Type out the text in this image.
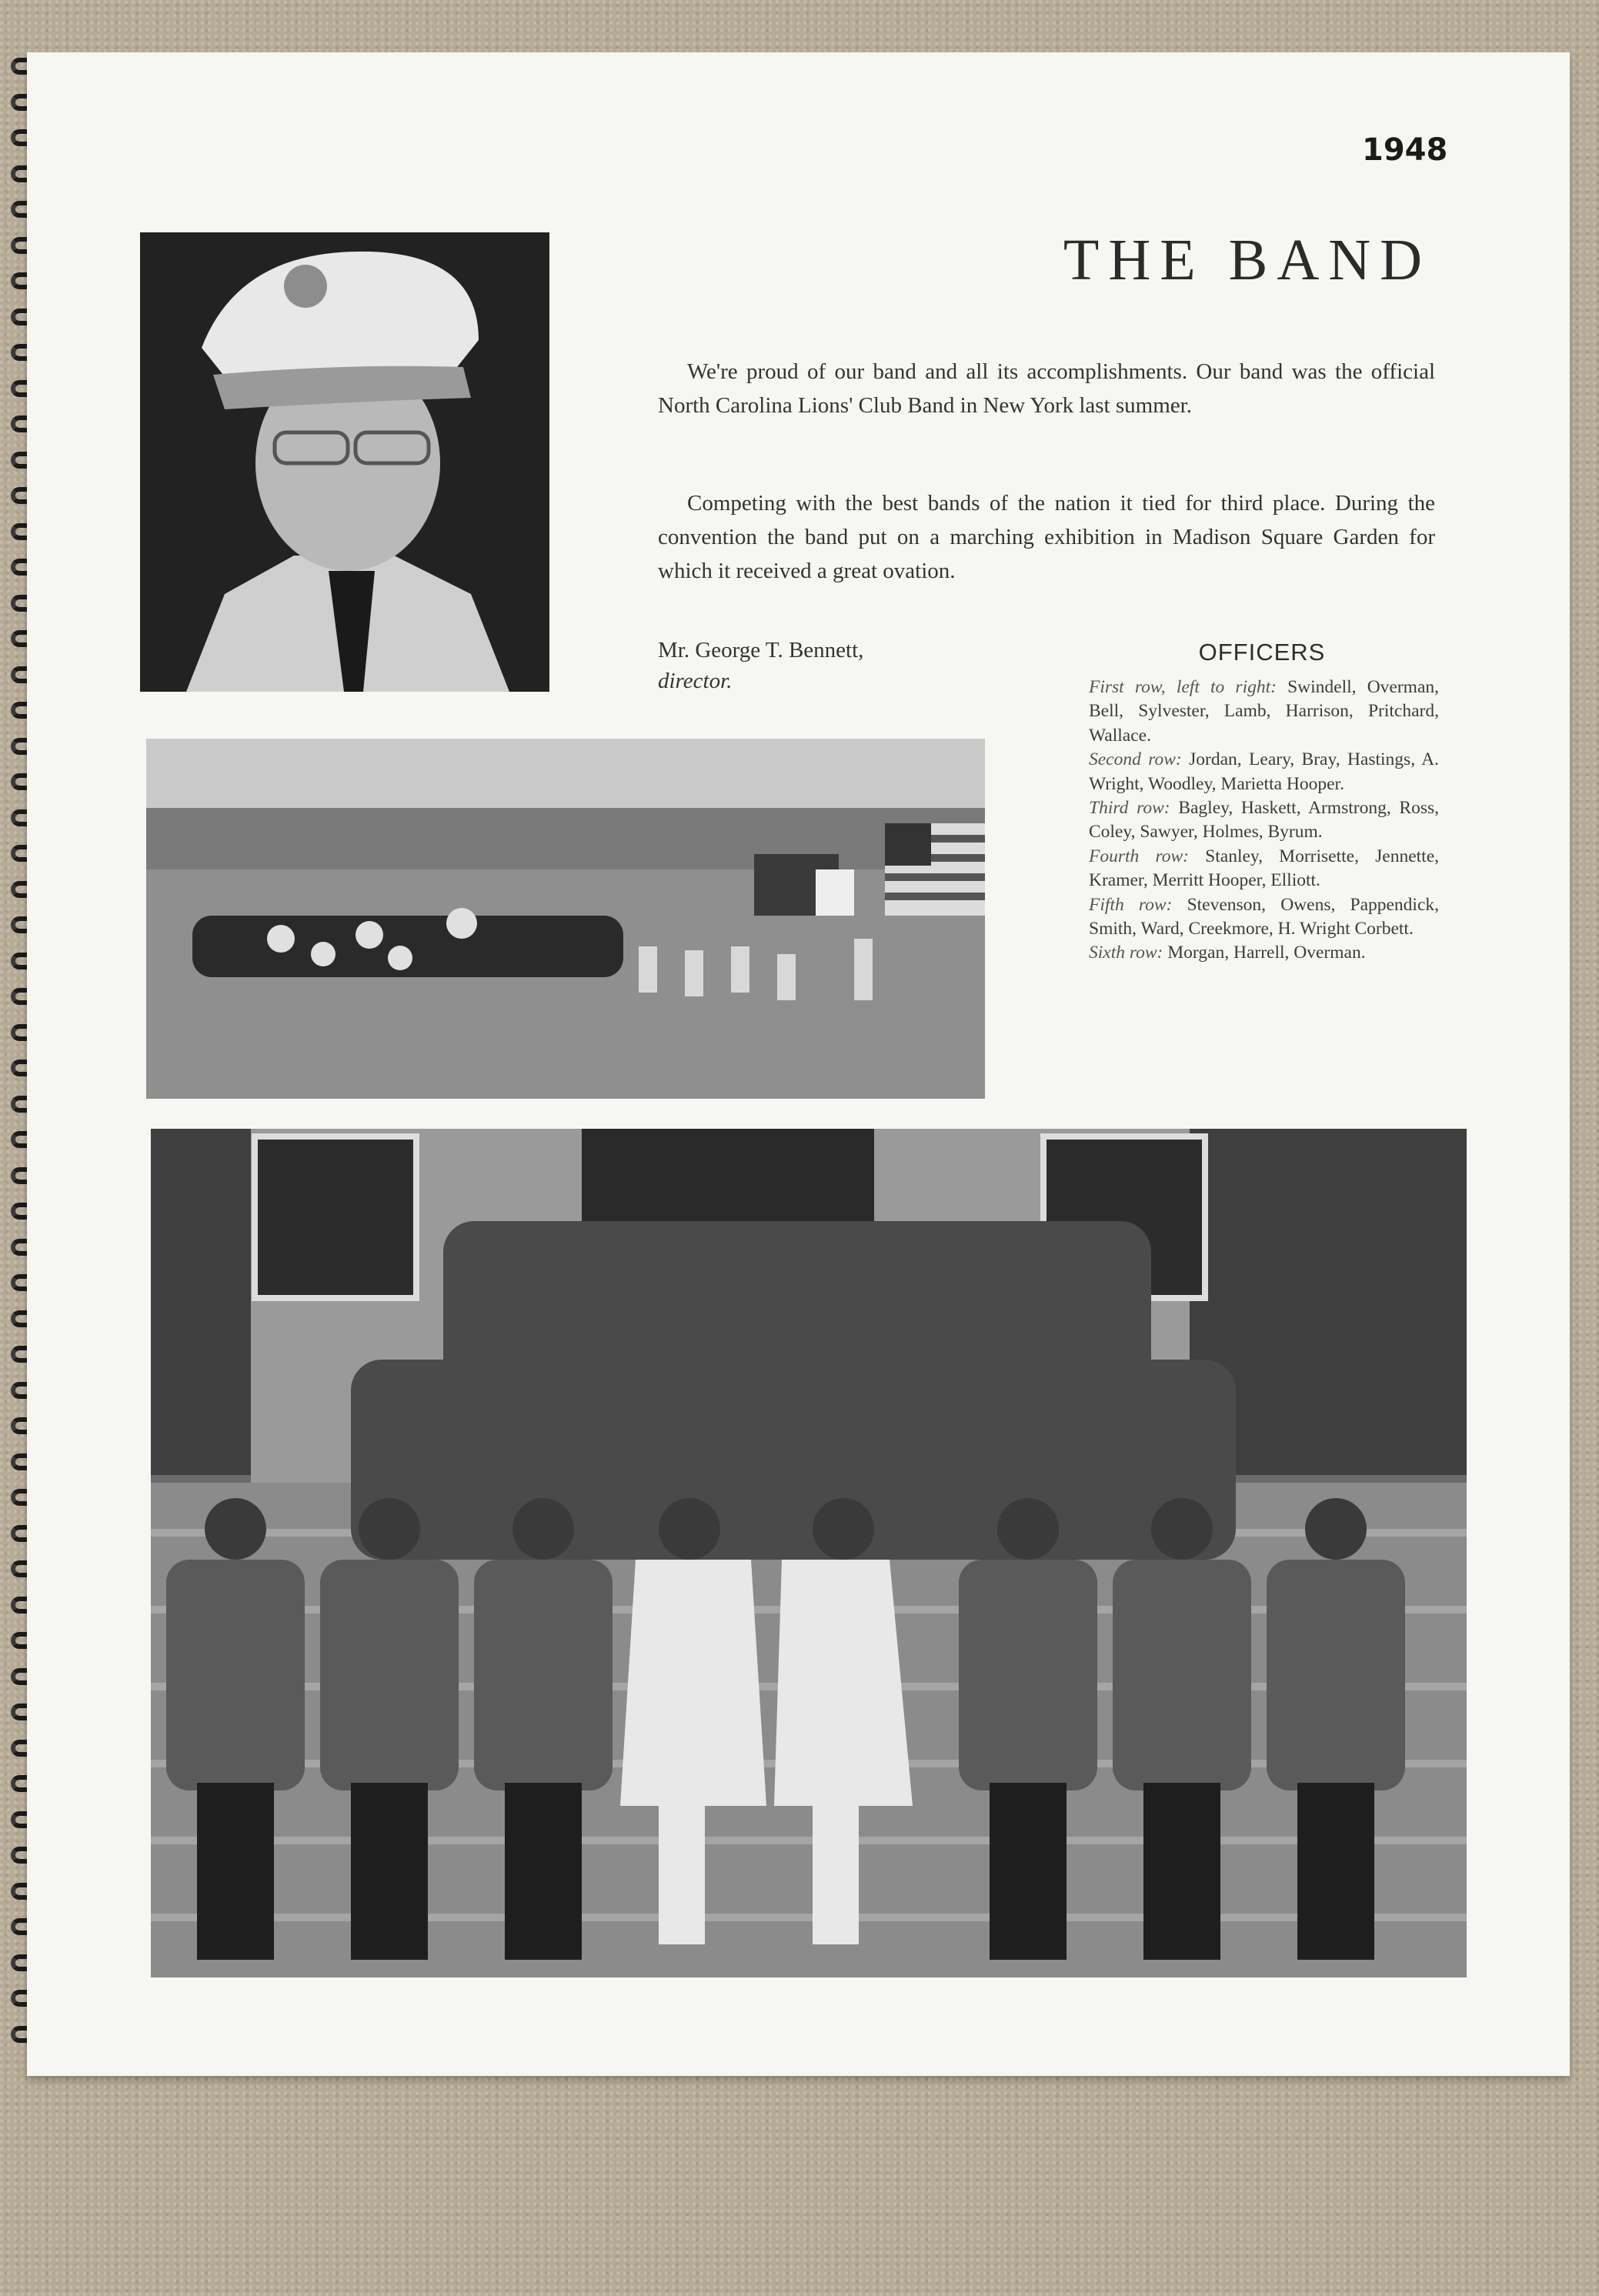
1948
THE BAND

We're proud of our band and all its accomplishments. Our band was the official North Carolina Lions' Club Band in New York last summer.

Competing with the best bands of the nation it tied for third place. During the convention the band put on a marching exhibition in Madison Square Garden for which it received a great ovation.

Mr. George T. Bennett,
director.
OFFICERS

First row, left to right: Swindell, Overman, Bell, Sylvester, Lamb, Harrison, Pritchard, Wallace.

Second row: Jordan, Leary, Bray, Hastings, A. Wright, Woodley, Marietta Hooper.

Third row: Bagley, Haskett, Armstrong, Ross, Coley, Sawyer, Holmes, Byrum.

Fourth row: Stanley, Morrisette, Jennette, Kramer, Merritt Hooper, Elliott.

Fifth row: Stevenson, Owens, Pappendick, Smith, Ward, Creekmore, H. Wright Corbett.

Sixth row: Morgan, Harrell, Overman.
